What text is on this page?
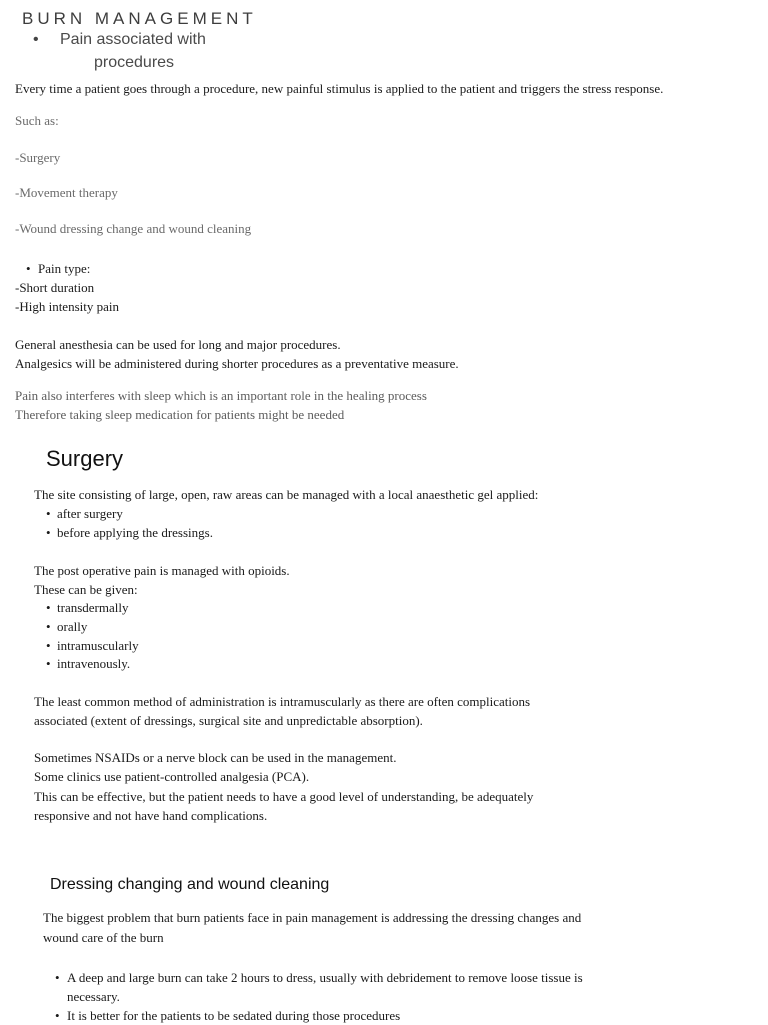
BURN MANAGEMENT
• Pain associated with
procedures
Every time a patient goes through a procedure, new painful stimulus is applied to the patient and triggers the stress response.
Such as:
-Surgery
-Movement therapy
-Wound dressing change and wound cleaning
• Pain type:
-Short duration
-High intensity pain
General anesthesia can be used for long and major procedures.
Analgesics will be administered during shorter procedures as a preventative measure.
Pain also interferes with sleep which is an important role in the healing process
Therefore taking sleep medication for patients might be needed
Surgery
The site consisting of large, open, raw areas can be managed with a local anaesthetic gel applied:
• after surgery
• before applying the dressings.
The post operative pain is managed with opioids.
These can be given:
• transdermally
• orally
• intramuscularly
• intravenously.
The least common method of administration is intramuscularly as there are often complications
associated (extent of dressings, surgical site and unpredictable absorption).
Sometimes NSAIDs or a nerve block can be used in the management.
Some clinics use patient-controlled analgesia (PCA).
This can be effective, but the patient needs to have a good level of understanding, be adequately
responsive and not have hand complications.
Dressing changing and wound cleaning
The biggest problem that burn patients face in pain management is addressing the dressing changes and
wound care of the burn
• A deep and large burn can take 2 hours to dress, usually with debridement to remove loose tissue is
necessary.
• It is better for the patients to be sedated during those procedures
